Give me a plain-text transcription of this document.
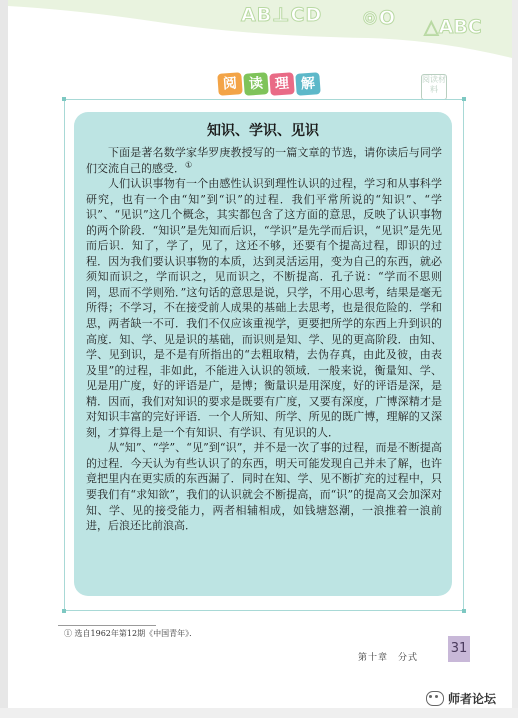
AB⊥CD ⊙O △ABC
阅 读 理 解	阅读材料
知识、学识、见识

下面是著名数学家华罗庚教授写的一篇文章的节选，请你读后与同学们交流自己的感受．①

人们认识事物有一个由感性认识到理性认识的过程，学习和从事科学研究，也有一个由“知”到“识”的过程．我们平常所说的“知识”、“学识”、“见识”这几个概念，其实都包含了这方面的意思，反映了认识事物的两个阶段．“知识”是先知而后识，“学识”是先学而后识，“见识”是先见而后识．知了，学了，见了，这还不够，还要有个提高过程，即识的过程．因为我们要认识事物的本质，达到灵活运用，变为自己的东西，就必须知而识之，学而识之，见而识之，不断提高．孔子说：“学而不思则罔，思而不学则殆．”这句话的意思是说，只学，不用心思考，结果是毫无所得；不学习，不在接受前人成果的基础上去思考，也是很危险的．学和思，两者缺一不可．我们不仅应该重视学，更要把所学的东西上升到识的高度．知、学、见是识的基础，而识则是知、学、见的更高阶段．由知、学、见到识，是不是有所指出的“去粗取精，去伪存真，由此及彼，由表及里”的过程，非如此，不能进入认识的领域．一般来说，衡量知、学、见是用广度，好的评语是广，是博；衡量识是用深度，好的评语是深，是精．因而，我们对知识的要求是既要有广度，又要有深度，广博深精才是对知识丰富的完好评语．一个人所知、所学、所见的既广博，理解的又深刻，才算得上是一个有知识、有学识、有见识的人．

从“知”、“学”、“见”到“识”，并不是一次了事的过程，而是不断提高的过程．今天认为有些认识了的东西，明天可能发现自己并未了解，也许竟把里内在更实质的东西漏了．同时在知、学、见不断扩充的过程中，只要我们有“求知欲”，我们的认识就会不断提高，而“识”的提高又会加深对知、学、见的接受能力，两者相辅相成，如钱塘怒潮，一浪推着一浪前进，后浪还比前浪高．

① 选自1962年第12期《中国青年》．
第十章　分式
31
师者论坛
